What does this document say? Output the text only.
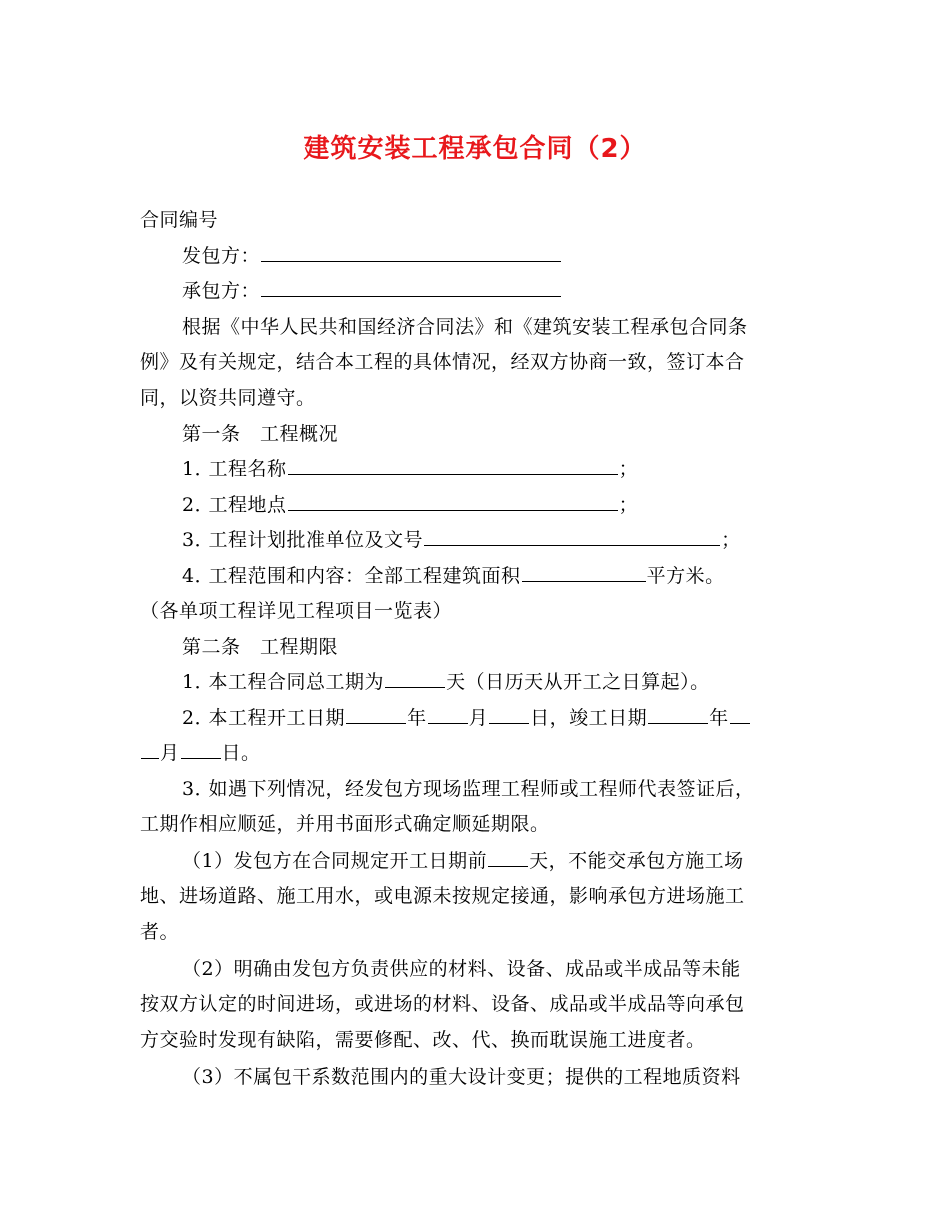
建筑安装工程承包合同（2）
合同编号
发包方：
承包方：
根据《中华人民共和国经济合同法》和《建筑安装工程承包合同条
例》及有关规定，结合本工程的具体情况，经双方协商一致，签订本合
同，以资共同遵守。
第一条　工程概况
1． 工程名称	；
2． 工程地点	；
3． 工程计划批准单位及文号	；
4． 工程范围和内容：全部工程建筑面积	平方米。
（各单项工程详见工程项目一览表）
第二条　工程期限
1． 本工程合同总工期为	天（日历天从开工之日算起）。
2． 本工程开工日期	年 月 日，竣工日期	年
月 日。
3． 如遇下列情况，经发包方现场监理工程师或工程师代表签证后，
工期作相应顺延，并用书面形式确定顺延期限。
（1）发包方在合同规定开工日期前 天，不能交承包方施工场
地、进场道路、施工用水，或电源未按规定接通，影响承包方进场施工
者。
（2）明确由发包方负责供应的材料、设备、成品或半成品等未能
按双方认定的时间进场，或进场的材料、设备、成品或半成品等向承包
方交验时发现有缺陷，需要修配、改、代、换而耽误施工进度者。
（3）不属包干系数范围内的重大设计变更；提供的工程地质资料
